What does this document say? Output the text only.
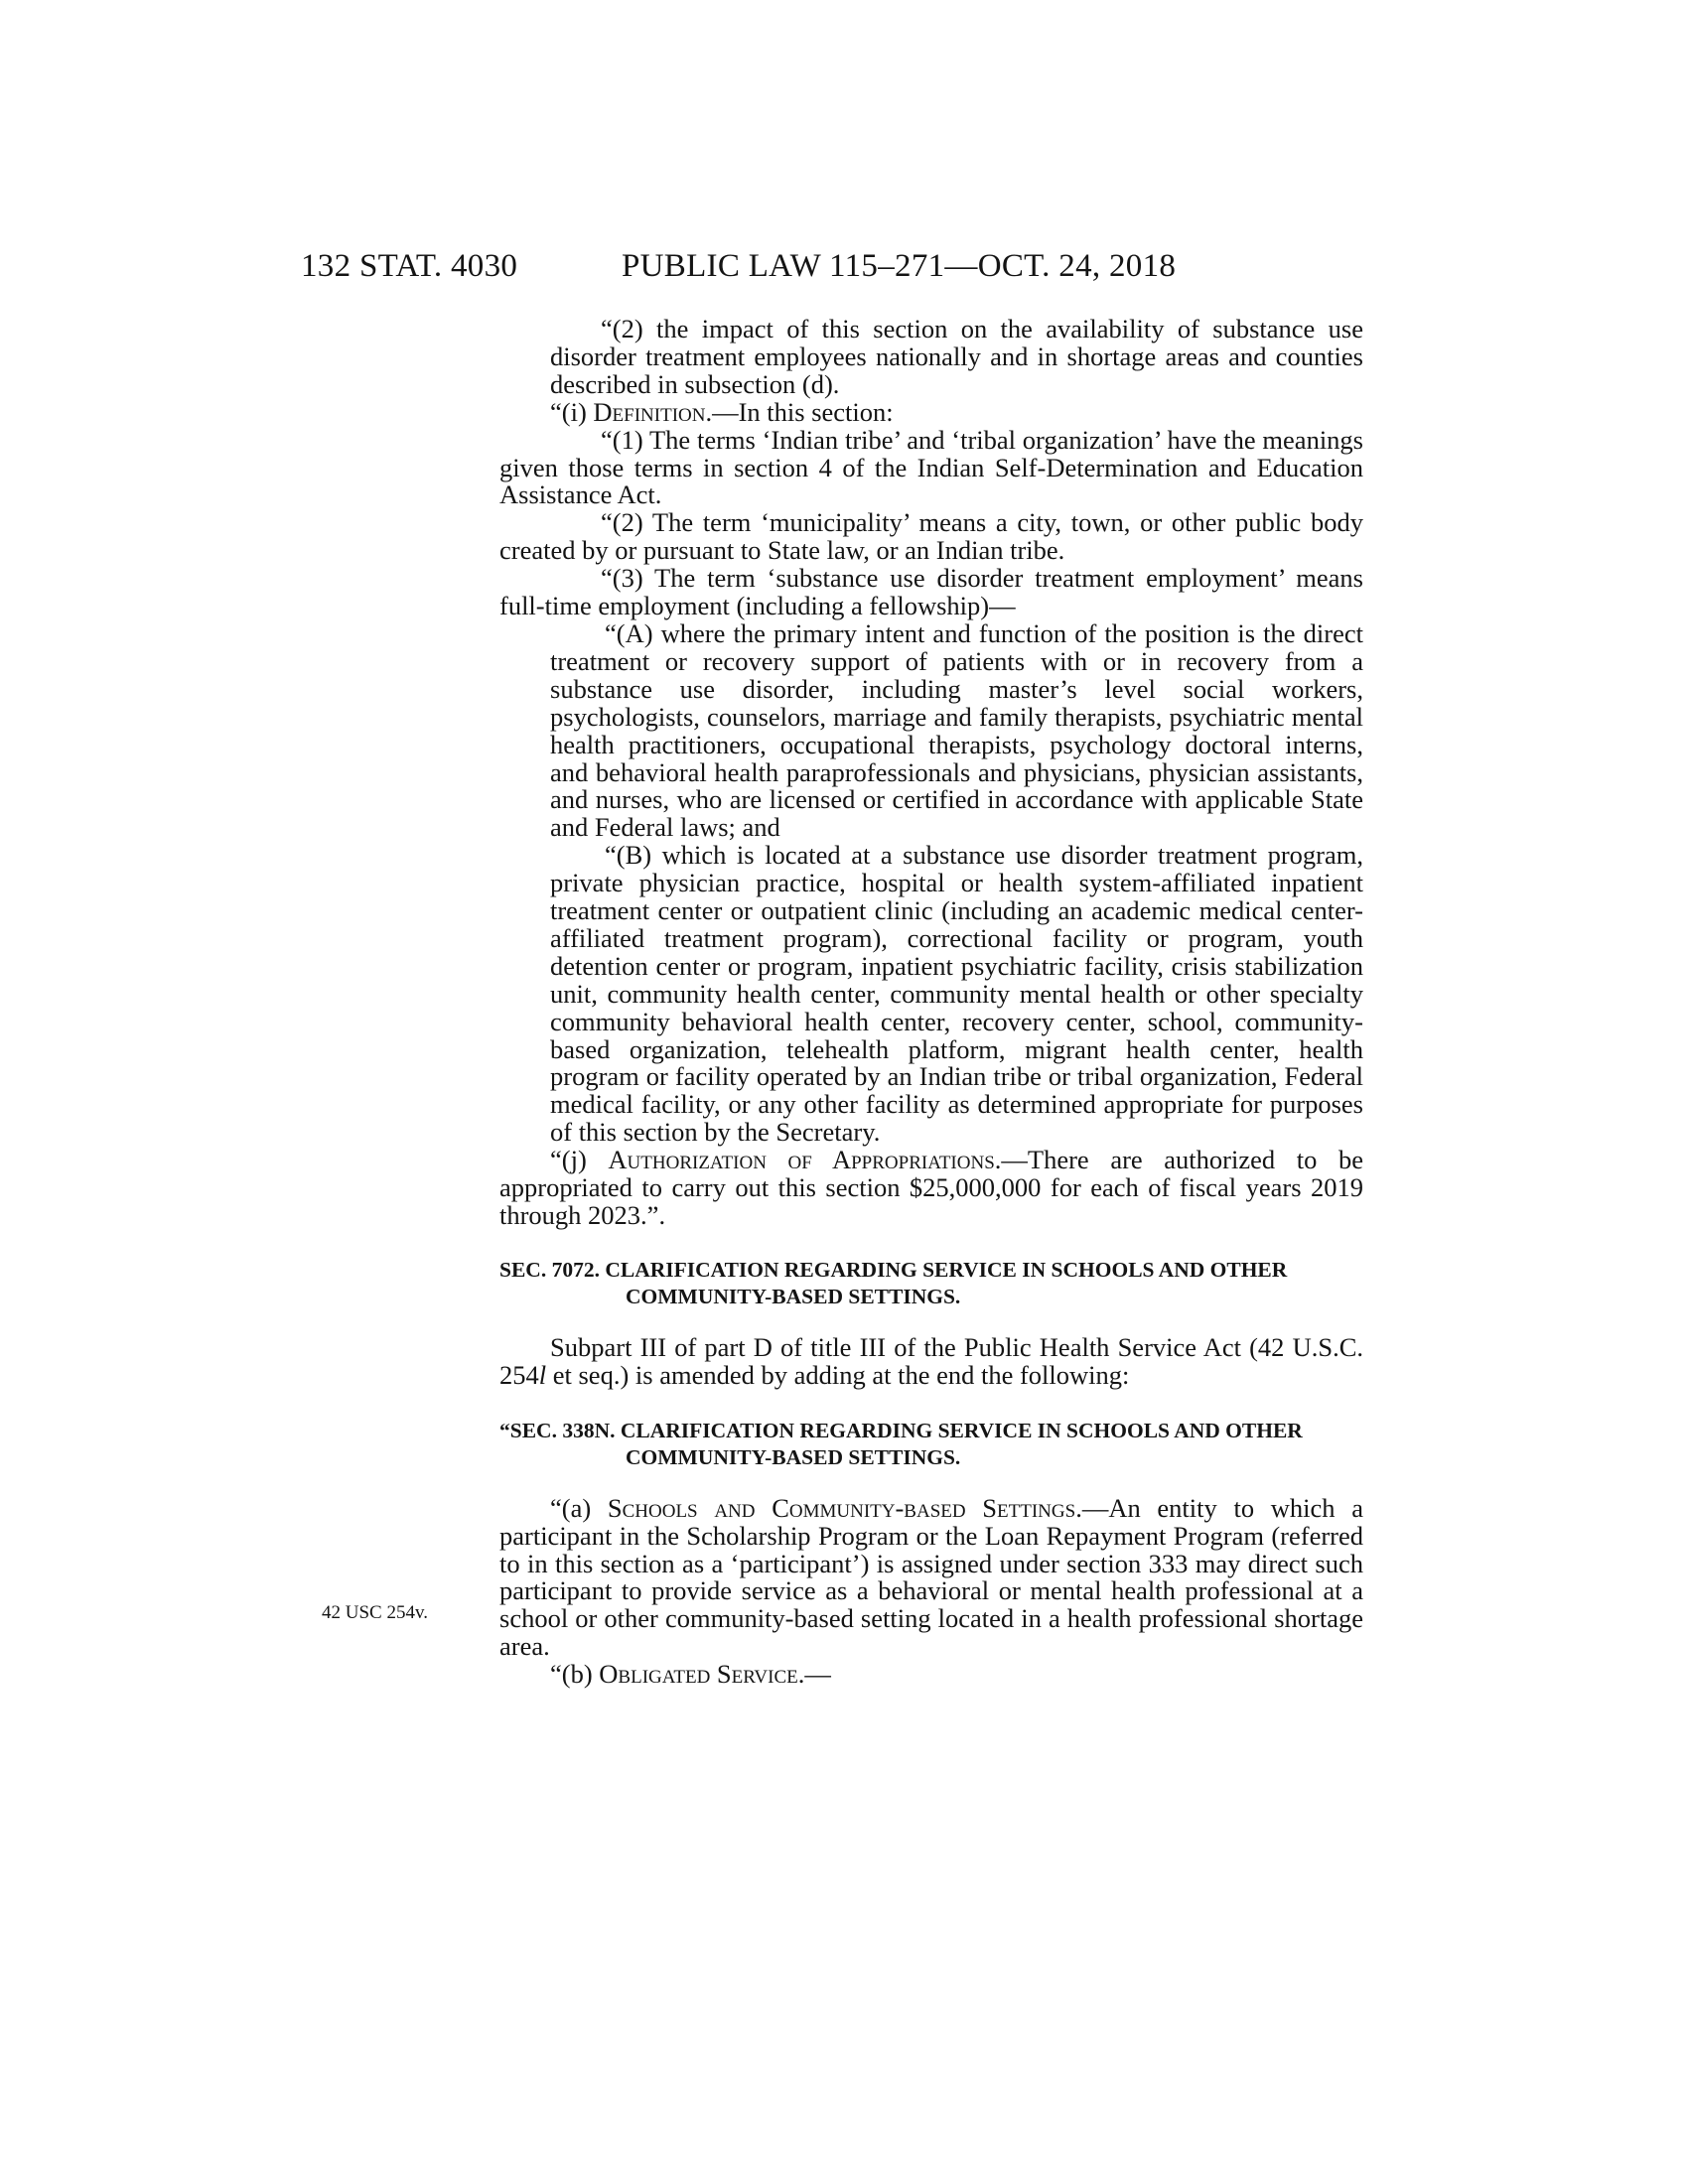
132 STAT. 4030	PUBLIC LAW 115–271—OCT. 24, 2018
42 USC 254v.

“(2) the impact of this section on the availability of substance use disorder treatment employees nationally and in shortage areas and counties described in subsection (d).

“(i) Definition.—In this section:

“(1) The terms ‘Indian tribe’ and ‘tribal organization’ have the meanings given those terms in section 4 of the Indian Self-Determination and Education Assistance Act.

“(2) The term ‘municipality’ means a city, town, or other public body created by or pursuant to State law, or an Indian tribe.

“(3) The term ‘substance use disorder treatment employment’ means full-time employment (including a fellowship)—

“(A) where the primary intent and function of the position is the direct treatment or recovery support of patients with or in recovery from a substance use disorder, including master’s level social workers, psychologists, counselors, marriage and family therapists, psychiatric mental health practitioners, occupational therapists, psychology doctoral interns, and behavioral health paraprofessionals and physicians, physician assistants, and nurses, who are licensed or certified in accordance with applicable State and Federal laws; and

“(B) which is located at a substance use disorder treatment program, private physician practice, hospital or health system-affiliated inpatient treatment center or outpatient clinic (including an academic medical center-affiliated treatment program), correctional facility or program, youth detention center or program, inpatient psychiatric facility, crisis stabilization unit, community health center, community mental health or other specialty community behavioral health center, recovery center, school, community-based organization, telehealth platform, migrant health center, health program or facility operated by an Indian tribe or tribal organization, Federal medical facility, or any other facility as determined appropriate for purposes of this section by the Secretary.

“(j) Authorization of Appropriations.—There are authorized to be appropriated to carry out this section $25,000,000 for each of fiscal years 2019 through 2023.”.

SEC. 7072. CLARIFICATION REGARDING SERVICE IN SCHOOLS AND OTHER COMMUNITY-BASED SETTINGS.

Subpart III of part D of title III of the Public Health Service Act (42 U.S.C. 254l et seq.) is amended by adding at the end the following:

“SEC. 338N. CLARIFICATION REGARDING SERVICE IN SCHOOLS AND OTHER COMMUNITY-BASED SETTINGS.

“(a) Schools and Community-based Settings.—An entity to which a participant in the Scholarship Program or the Loan Repayment Program (referred to in this section as a ‘participant’) is assigned under section 333 may direct such participant to provide service as a behavioral or mental health professional at a school or other community-based setting located in a health professional shortage area.

“(b) Obligated Service.—
